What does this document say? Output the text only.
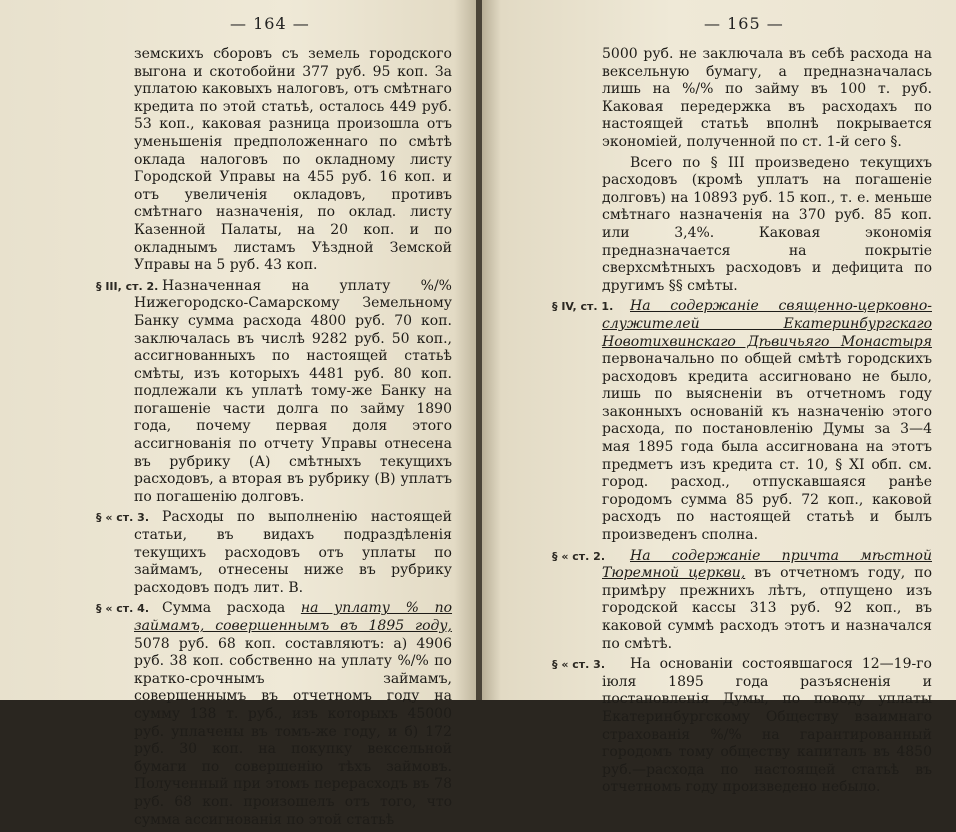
— 164 —

земскихъ сборовъ съ земель городского выгона и скотобойни 377 руб. 95 коп. За уплатою каковыхъ налоговъ, отъ смѣтнаго кредита по этой статьѣ, осталось 449 руб. 53 коп., каковая разница произошла отъ уменьшенія предположеннаго по смѣтѣ оклада налоговъ по окладному листу Городской Управы на 455 руб. 16 коп. и отъ увеличенія окладовъ, противъ смѣтнаго назначенія, по оклад. листу Казенной Палаты, на 20 коп. и по окладнымъ листамъ Уѣздной Земской Управы на 5 руб. 43 коп.

§ III, ст. 2. Назначенная на уплату %/% Нижегородско-Самарскому Земельному Банку сумма расхода 4800 руб. 70 коп. заключалась въ числѣ 9282 руб. 50 коп., ассигнованныхъ по настоящей статьѣ смѣты, изъ которыхъ 4481 руб. 80 коп. подлежали къ уплатѣ тому-же Банку на погашеніе части долга по займу 1890 года, почему первая доля этого ассигнованія по отчету Управы отнесена въ рубрику (А) смѣтныхъ текущихъ расходовъ, а вторая въ рубрику (В) уплатъ по погашенію долговъ.

§ « ст. 3. Расходы по выполненію настоящей статьи, въ видахъ подраздѣленія текущихъ расходовъ отъ уплаты по займамъ, отнесены ниже въ рубрику расходовъ подъ лит. В.

§ « ст. 4. Сумма расхода на уплату % по займамъ, совершеннымъ въ 1895 году, 5078 руб. 68 коп. составляютъ: а) 4906 руб. 38 коп. собственно на уплату %/% по кратко-срочнымъ займамъ, совершеннымъ въ отчетномъ году на сумму 138 т. руб., изъ которыхъ 45000 руб. уплачены въ томъ-же году, и б) 172 руб. 30 коп. на покупку вексельной бумаги по совершенію тѣхъ займовъ. Полученный при этомъ перерасходъ въ 78 руб. 68 коп. произошелъ отъ того, что сумма ассигнованія по этой статьѣ

— 165 —

5000 руб. не заключала въ себѣ расхода на вексельную бумагу, а предназначалась лишь на %/% по займу въ 100 т. руб. Каковая передержка въ расходахъ по настоящей статьѣ вполнѣ покрывается экономіей, полученной по ст. 1-й сего §.

Всего по § III произведено текущихъ расходовъ (кромѣ уплатъ на погашеніе долговъ) на 10893 руб. 15 коп., т. е. меньше смѣтнаго назначенія на 370 руб. 85 коп. или 3,4%. Каковая экономія предназначается на покрытіе сверхсмѣтныхъ расходовъ и дефицита по другимъ §§ смѣты.

§ IV, ст. 1. На содержаніе священно-церковно-служителей Екатеринбургскаго Новотихвинскаго Дѣвичьяго Монастыря первоначально по общей смѣтѣ городскихъ расходовъ кредита ассигновано не было, лишь по выясненіи въ отчетномъ году законныхъ основаній къ назначенію этого расхода, по постановленію Думы за 3—4 мая 1895 года была ассигнована на этотъ предметъ изъ кредита ст. 10, § XI обп. см. город. расход., отпускавшаяся ранѣе городомъ сумма 85 руб. 72 коп., каковой расходъ по настоящей статьѣ и былъ произведенъ сполна.

§ « ст. 2. На содержаніе причта мѣстной Тюремной церкви, въ отчетномъ году, по примѣру прежнихъ лѣтъ, отпущено изъ городской кассы 313 руб. 92 коп., въ каковой суммѣ расходъ этотъ и назначался по смѣтѣ.

§ « ст. 3. На основаніи состоявшагося 12—19-го іюля 1895 года разъясненія и постановленія Думы, по поводу уплаты Екатеринбургскому Обществу взаимнаго страхованія %/% на гарантированный городомъ тому обществу капиталъ въ 4850 руб.—расхода по настоящей статьѣ въ отчетномъ году произведено небыло.
